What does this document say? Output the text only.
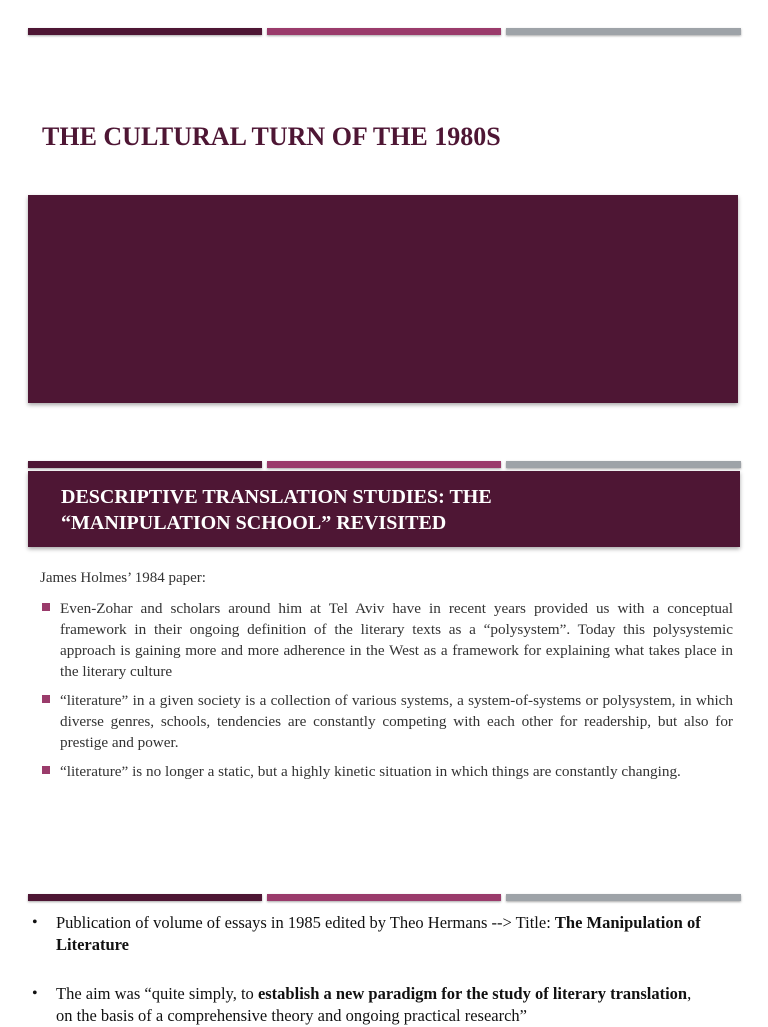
THE CULTURAL TURN OF THE 1980S
DESCRIPTIVE TRANSLATION STUDIES: THE
“MANIPULATION SCHOOL” REVISITED
James Holmes’ 1984 paper:
Even-Zohar and scholars around him at Tel Aviv have in recent years provided us with a conceptual framework in their ongoing definition of the literary texts as a “polysystem”. Today this polysystemic approach is gaining more and more adherence in the West as a framework for explaining what takes place in the literary culture
“literature” in a given society is a collection of various systems, a system-of-systems or polysystem, in which diverse genres, schools, tendencies are constantly competing with each other for readership, but also for prestige and power.
“literature” is no longer a static, but a highly kinetic situation in which things are constantly changing.
• Publication of volume of essays in 1985 edited by Theo Hermans --> Title: The Manipulation of Literature
• The aim was “quite simply, to establish a new paradigm for the study of literary translation, on the basis of a comprehensive theory and ongoing practical research”
